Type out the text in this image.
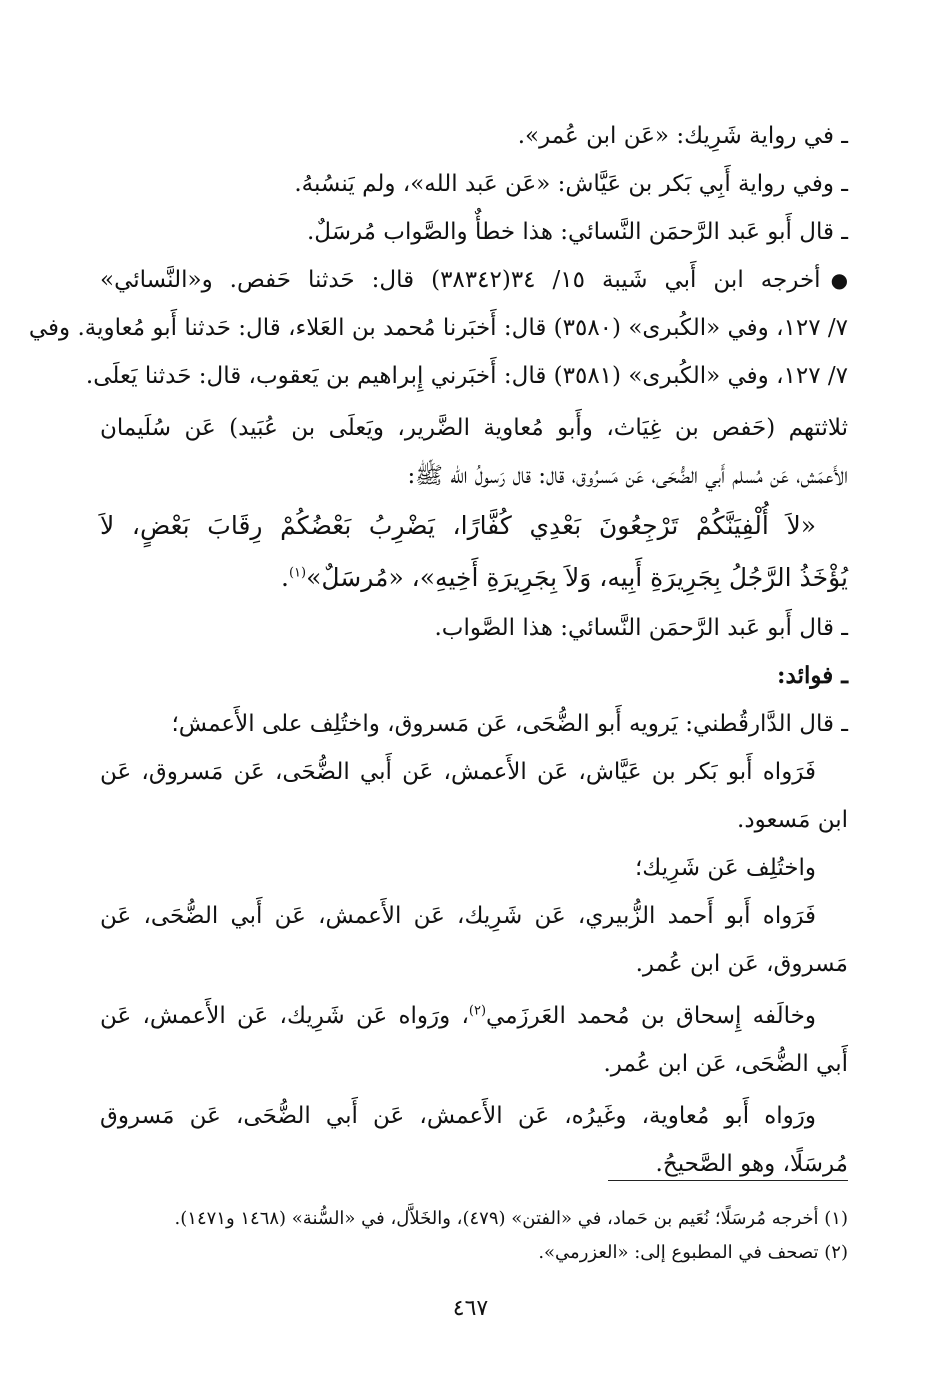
ـ في رواية شَرِيك: «عَن ابن عُمر».
ـ وفي رواية أَبِي بَكر بن عَيَّاش: «عَن عَبد الله»، ولم يَنسُبهُ.
ـ قال أَبو عَبد الرَّحمَن النَّسائي: هذا خطأٌ والصَّواب مُرسَلٌ.
●أخرجه ابن أَبي شَيبة ١٥/ ٣٤(٣٨٣٤٢) قال: حَدثنا حَفص. و«النَّسائي»
٧/ ١٢٧، وفي «الكُبرى» (٣٥٨٠) قال: أَخبَرنا مُحمد بن العَلاء، قال: حَدثنا أَبو مُعاوية. وفي
٧/ ١٢٧، وفي «الكُبرى» (٣٥٨١) قال: أَخبَرني إِبراهيم بن يَعقوب، قال: حَدثنا يَعلَى.
ثلاثتهم (حَفص بن غِيَاث، وأَبو مُعاوية الضَّرير، ويَعلَى بن عُبَيد) عَن سُلَيمان
الأَعمَش، عَن مُسلم أَبي الضُّحَى، عَن مَسرُوق، قال: قال رَسولُ الله ﷺ:
«لاَ أُلْفِيَنَّكُمْ تَرْجِعُونَ بَعْدِي كُفَّارًا، يَضْرِبُ بَعْضُكُمْ رِقَابَ بَعْضٍ، لاَ
يُؤْخَذُ الرَّجُلُ بِجَرِيرَةِ أَبِيه، وَلاَ بِجَرِيرَةِ أَخِيهِ»، «مُرسَلٌ»$^{(١)}$.
ـ قال أَبو عَبد الرَّحمَن النَّسائي: هذا الصَّواب.
ـ فوائد:
ـ قال الدَّارقُطني: يَرويه أَبو الضُّحَى، عَن مَسروق، واختُلِف على الأَعمش؛
فَرَواه أَبو بَكر بن عَيَّاش، عَن الأَعمش، عَن أَبي الضُّحَى، عَن مَسروق، عَن
ابن مَسعود.
واختُلِف عَن شَرِيك؛
فَرَواه أَبو أَحمد الزُّبيري، عَن شَرِيك، عَن الأَعمش، عَن أَبي الضُّحَى، عَن
مَسروق، عَن ابن عُمر.
وخالَفه إِسحاق بن مُحمد العَرزَمي$^{(٢)}$، ورَواه عَن شَرِيك، عَن الأَعمش، عَن
أَبي الضُّحَى، عَن ابن عُمر.
ورَواه أَبو مُعاوية، وغَيرُه، عَن الأَعمش، عَن أَبي الضُّحَى، عَن مَسروق
مُرسَلًا، وهو الصَّحيحُ.
(١) أخرجه مُرسَلًا؛ نُعَيم بن حَماد، في «الفتن» (٤٧٩)، والخَلاَّل، في «السُّنة» (١٤٦٨ و١٤٧١).
(٢) تصحف في المطبوع إلى: «العزرمي».
٤٦٧
